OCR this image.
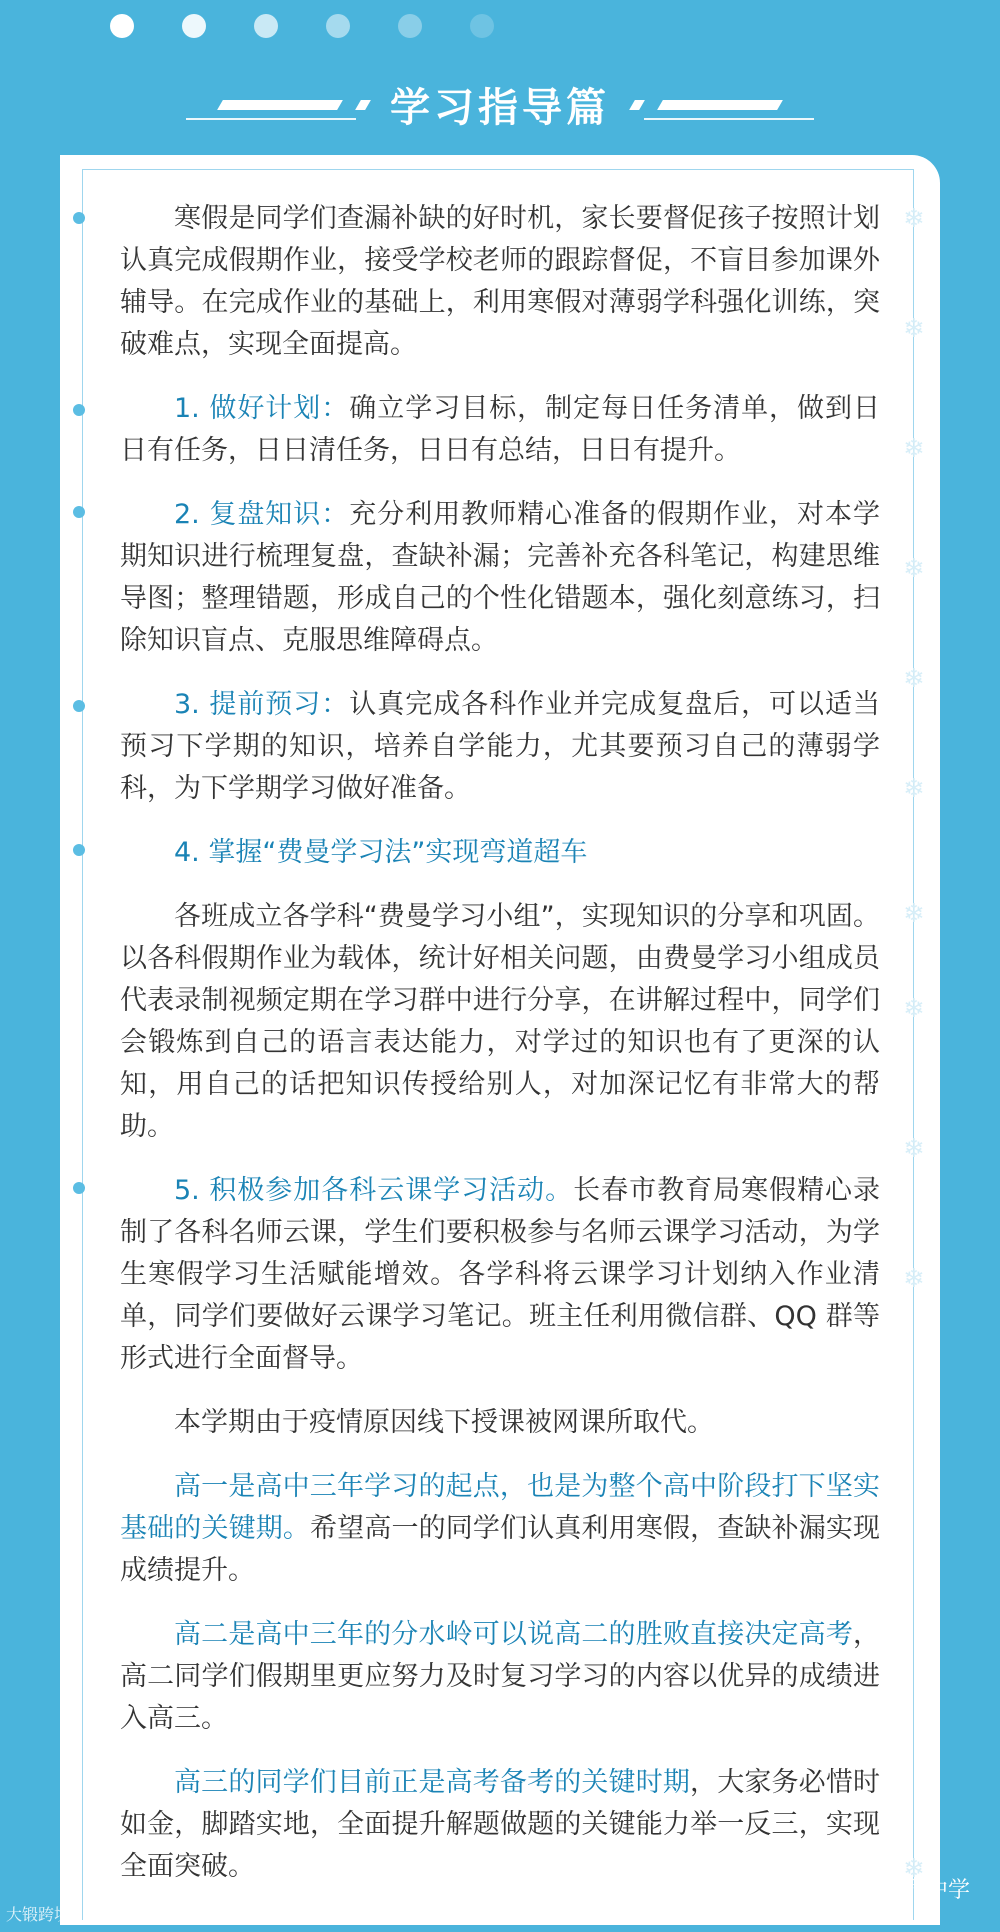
学习指导篇
❄
❄
❄
❄
❄
❄
❄
❄
❄
❄
❄

寒假是同学们查漏补缺的好时机，家长要督促孩子按照计划认真完成假期作业，接受学校老师的跟踪督促，不盲目参加课外辅导。在完成作业的基础上，利用寒假对薄弱学科强化训练，突破难点，实现全面提高。

1. 做好计划：确立学习目标，制定每日任务清单，做到日日有任务，日日清任务，日日有总结，日日有提升。

2. 复盘知识：充分利用教师精心准备的假期作业，对本学期知识进行梳理复盘，查缺补漏；完善补充各科笔记，构建思维导图；整理错题，形成自己的个性化错题本，强化刻意练习，扫除知识盲点、克服思维障碍点。

3. 提前预习：认真完成各科作业并完成复盘后，可以适当预习下学期的知识，培养自学能力，尤其要预习自己的薄弱学科，为下学期学习做好准备。

4. 掌握“费曼学习法”实现弯道超车

各班成立各学科“费曼学习小组”，实现知识的分享和巩固。以各科假期作业为载体，统计好相关问题，由费曼学习小组成员代表录制视频定期在学习群中进行分享，在讲解过程中，同学们会锻炼到自己的语言表达能力，对学过的知识也有了更深的认知，用自己的话把知识传授给别人，对加深记忆有非常大的帮助。

5. 积极参加各科云课学习活动。长春市教育局寒假精心录制了各科名师云课，学生们要积极参与名师云课学习活动，为学生寒假学习生活赋能增效。各学科将云课学习计划纳入作业清单，同学们要做好云课学习笔记。班主任利用微信群、QQ 群等形式进行全面督导。

本学期由于疫情原因线下授课被网课所取代。

高一是高中三年学习的起点，也是为整个高中阶段打下坚实基础的关键期。希望高一的同学们认真利用寒假，查缺补漏实现成绩提升。

高二是高中三年的分水岭可以说高二的胜败直接决定高考，高二同学们假期里更应努力及时复习学习的内容以优异的成绩进入高三。

高三的同学们目前正是高考备考的关键时期，大家务必惜时如金，脚踏实地，全面提升解题做题的关键能力举一反三，实现全面突破。

◉ 长春市第六中学
大锻跨境
